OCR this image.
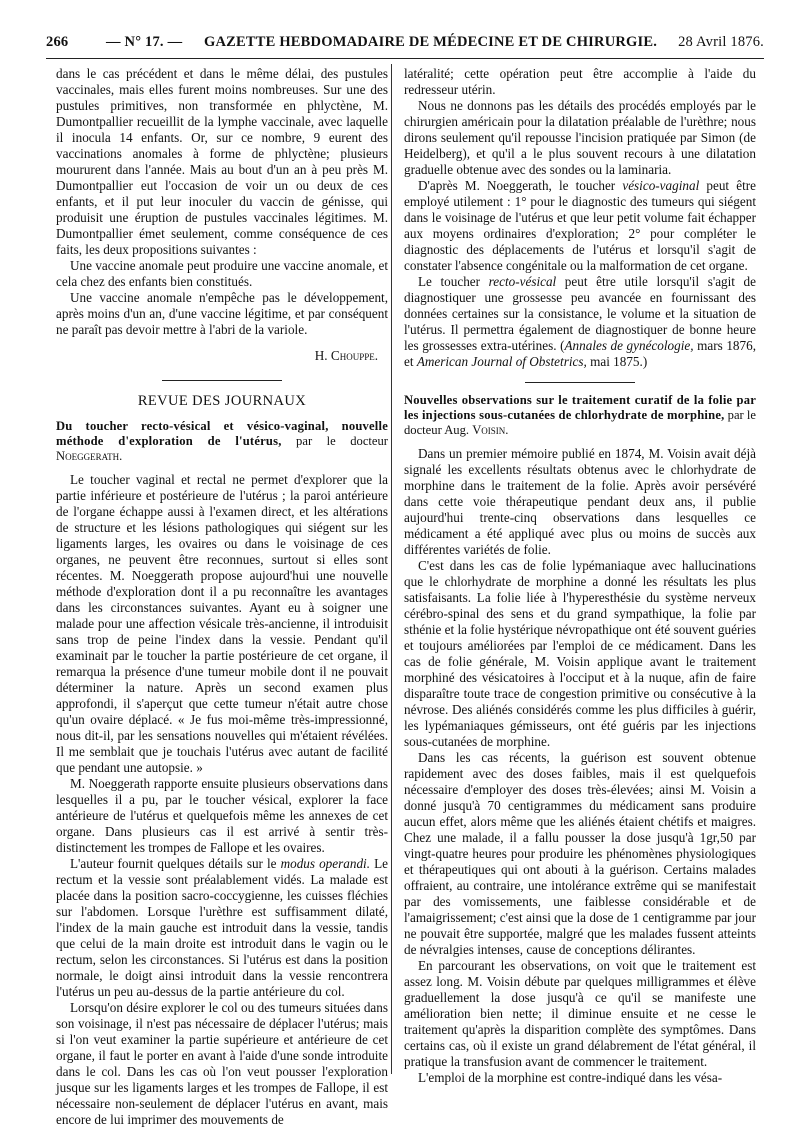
266	— N° 17. — GAZETTE HEBDOMADAIRE DE MÉDECINE ET DE CHIRURGIE. 28 Avril 1876.

dans le cas précédent et dans le même délai, des pustules vaccinales, mais elles furent moins nombreuses. Sur une des pustules primitives, non transformée en phlyctène, M. Dumontpallier recueillit de la lymphe vaccinale, avec laquelle il inocula 14 enfants. Or, sur ce nombre, 9 eurent des vaccinations anomales à forme de phlyctène; plusieurs moururent dans l'année. Mais au bout d'un an à peu près M. Dumontpallier eut l'occasion de voir un ou deux de ces enfants, et il put leur inoculer du vaccin de génisse, qui produisit une éruption de pustules vaccinales légitimes. M. Dumontpallier émet seulement, comme conséquence de ces faits, les deux propositions suivantes :

Une vaccine anomale peut produire une vaccine anomale, et cela chez des enfants bien constitués.

Une vaccine anomale n'empêche pas le développement, après moins d'un an, d'une vaccine légitime, et par conséquent ne paraît pas devoir mettre à l'abri de la variole.

H. Chouppe.

REVUE DES JOURNAUX

Du toucher recto-vésical et vésico-vaginal, nouvelle méthode d'exploration de l'utérus, par le docteur Noeggerath.

Le toucher vaginal et rectal ne permet d'explorer que la partie inférieure et postérieure de l'utérus ; la paroi antérieure de l'organe échappe aussi à l'examen direct, et les altérations de structure et les lésions pathologiques qui siégent sur les ligaments larges, les ovaires ou dans le voisinage de ces organes, ne peuvent être reconnues, surtout si elles sont récentes. M. Noeggerath propose aujourd'hui une nouvelle méthode d'exploration dont il a pu reconnaître les avantages dans les circonstances suivantes. Ayant eu à soigner une malade pour une affection vésicale très-ancienne, il introduisit sans trop de peine l'index dans la vessie. Pendant qu'il examinait par le toucher la partie postérieure de cet organe, il remarqua la présence d'une tumeur mobile dont il ne pouvait déterminer la nature. Après un second examen plus approfondi, il s'aperçut que cette tumeur n'était autre chose qu'un ovaire déplacé. « Je fus moi-même très-impressionné, nous dit-il, par les sensations nouvelles qui m'étaient révélées. Il me semblait que je touchais l'utérus avec autant de facilité que pendant une autopsie. »

M. Noeggerath rapporte ensuite plusieurs observations dans lesquelles il a pu, par le toucher vésical, explorer la face antérieure de l'utérus et quelquefois même les annexes de cet organe. Dans plusieurs cas il est arrivé à sentir très-distinctement les trompes de Fallope et les ovaires.

L'auteur fournit quelques détails sur le modus operandi. Le rectum et la vessie sont préalablement vidés. La malade est placée dans la position sacro-coccygienne, les cuisses fléchies sur l'abdomen. Lorsque l'urèthre est suffisamment dilaté, l'index de la main gauche est introduit dans la vessie, tandis que celui de la main droite est introduit dans le vagin ou le rectum, selon les circonstances. Si l'utérus est dans la position normale, le doigt ainsi introduit dans la vessie rencontrera l'utérus un peu au-dessus de la partie antérieure du col.

Lorsqu'on désire explorer le col ou des tumeurs situées dans son voisinage, il n'est pas nécessaire de déplacer l'utérus; mais si l'on veut examiner la partie supérieure et antérieure de cet organe, il faut le porter en avant à l'aide d'une sonde introduite dans le col. Dans les cas où l'on veut pousser l'exploration jusque sur les ligaments larges et les trompes de Fallope, il est nécessaire non-seulement de déplacer l'utérus en avant, mais encore de lui imprimer des mouvements de

latéralité; cette opération peut être accomplie à l'aide du redresseur utérin.

Nous ne donnons pas les détails des procédés employés par le chirurgien américain pour la dilatation préalable de l'urèthre; nous dirons seulement qu'il repousse l'incision pratiquée par Simon (de Heidelberg), et qu'il a le plus souvent recours à une dilatation graduelle obtenue avec des sondes ou la laminaria.

D'après M. Noeggerath, le toucher vésico-vaginal peut être employé utilement : 1° pour le diagnostic des tumeurs qui siégent dans le voisinage de l'utérus et que leur petit volume fait échapper aux moyens ordinaires d'exploration; 2° pour compléter le diagnostic des déplacements de l'utérus et lorsqu'il s'agit de constater l'absence congénitale ou la malformation de cet organe.

Le toucher recto-vésical peut être utile lorsqu'il s'agit de diagnostiquer une grossesse peu avancée en fournissant des données certaines sur la consistance, le volume et la situation de l'utérus. Il permettra également de diagnostiquer de bonne heure les grossesses extra-utérines. (Annales de gynécologie, mars 1876, et American Journal of Obstetrics, mai 1875.)

Nouvelles observations sur le traitement curatif de la folie par les injections sous-cutanées de chlorhydrate de morphine, par le docteur Aug. Voisin.

Dans un premier mémoire publié en 1874, M. Voisin avait déjà signalé les excellents résultats obtenus avec le chlorhydrate de morphine dans le traitement de la folie. Après avoir persévéré dans cette voie thérapeutique pendant deux ans, il publie aujourd'hui trente-cinq observations dans lesquelles ce médicament a été appliqué avec plus ou moins de succès aux différentes variétés de folie.

C'est dans les cas de folie lypémaniaque avec hallucinations que le chlorhydrate de morphine a donné les résultats les plus satisfaisants. La folie liée à l'hyperesthésie du système nerveux cérébro-spinal des sens et du grand sympathique, la folie par sthénie et la folie hystérique névropathique ont été souvent guéries et toujours améliorées par l'emploi de ce médicament. Dans les cas de folie générale, M. Voisin applique avant le traitement morphiné des vésicatoires à l'occiput et à la nuque, afin de faire disparaître toute trace de congestion primitive ou consécutive à la névrose. Des aliénés considérés comme les plus difficiles à guérir, les lypémaniaques gémisseurs, ont été guéris par les injections sous-cutanées de morphine.

Dans les cas récents, la guérison est souvent obtenue rapidement avec des doses faibles, mais il est quelquefois nécessaire d'employer des doses très-élevées; ainsi M. Voisin a donné jusqu'à 70 centigrammes du médicament sans produire aucun effet, alors même que les aliénés étaient chétifs et maigres. Chez une malade, il a fallu pousser la dose jusqu'à 1gr,50 par vingt-quatre heures pour produire les phénomènes physiologiques et thérapeutiques qui ont abouti à la guérison. Certains malades offraient, au contraire, une intolérance extrême qui se manifestait par des vomissements, une faiblesse considérable et de l'amaigrissement; c'est ainsi que la dose de 1 centigramme par jour ne pouvait être supportée, malgré que les malades fussent atteints de névralgies intenses, cause de conceptions délirantes.

En parcourant les observations, on voit que le traitement est assez long. M. Voisin débute par quelques milligrammes et élève graduellement la dose jusqu'à ce qu'il se manifeste une amélioration bien nette; il diminue ensuite et ne cesse le traitement qu'après la disparition complète des symptômes. Dans certains cas, où il existe un grand délabrement de l'état général, il pratique la transfusion avant de commencer le traitement.

L'emploi de la morphine est contre-indiqué dans les vésa-
